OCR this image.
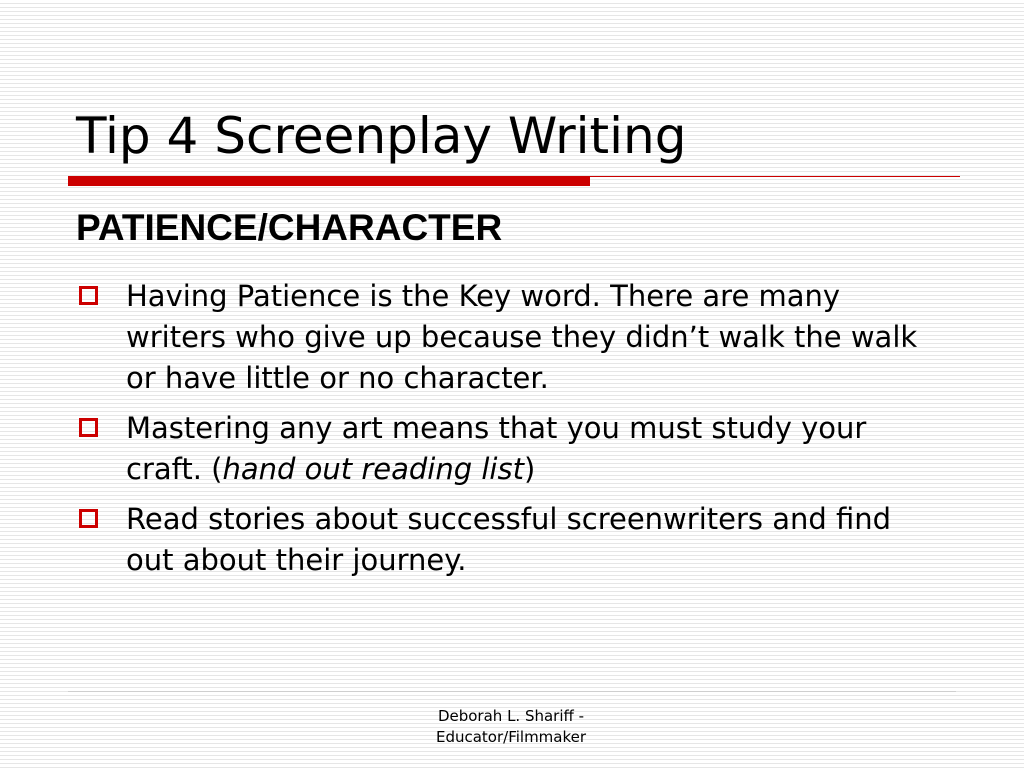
Tip 4 Screenplay Writing
PATIENCE/CHARACTER
Having Patience is the Key word. There are many writers who give up because they didn’t walk the walk or have little or no character.
Mastering any art means that you must study your craft. (hand out reading list)
Read stories about successful screenwriters and find out about their journey.
Deborah L. Shariff -
Educator/Filmmaker
